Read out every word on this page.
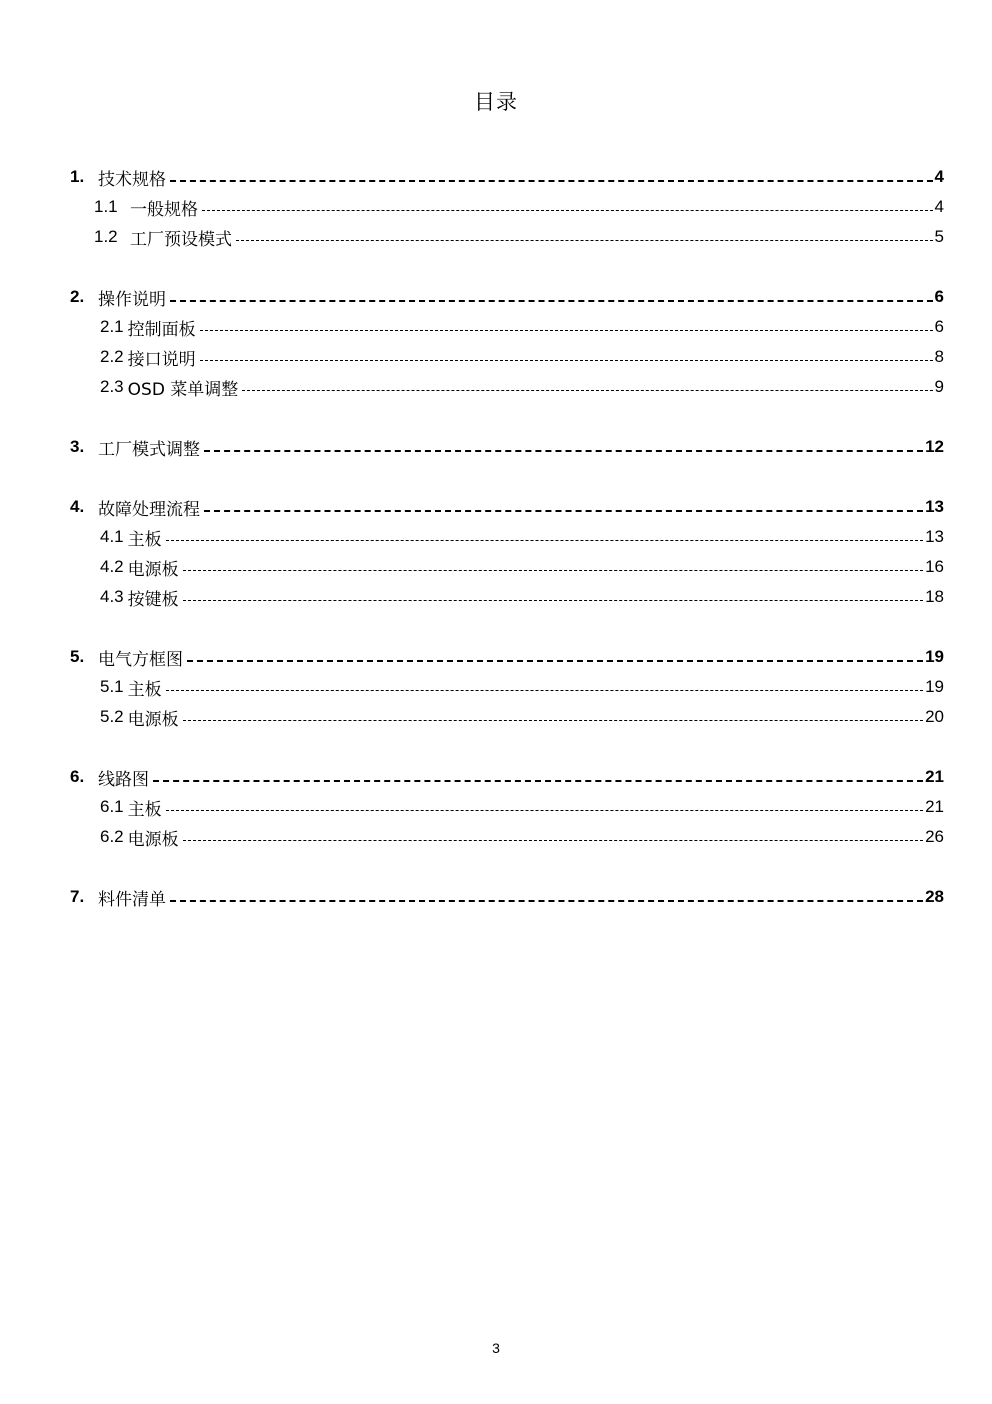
目录
1. 技术规格	4
1.1 一般规格	4
1.2 工厂预设模式	5
2. 操作说明	6
2.1 控制面板	6
2.2 接口说明	8
2.3 OSD 菜单调整	9
3. 工厂模式调整	12
4. 故障处理流程	13
4.1 主板	13
4.2 电源板	16
4.3 按键板	18
5. 电气方框图	19
5.1 主板	19
5.2 电源板	20
6. 线路图	21
6.1 主板	21
6.2 电源板	26
7. 料件清单	28
3
